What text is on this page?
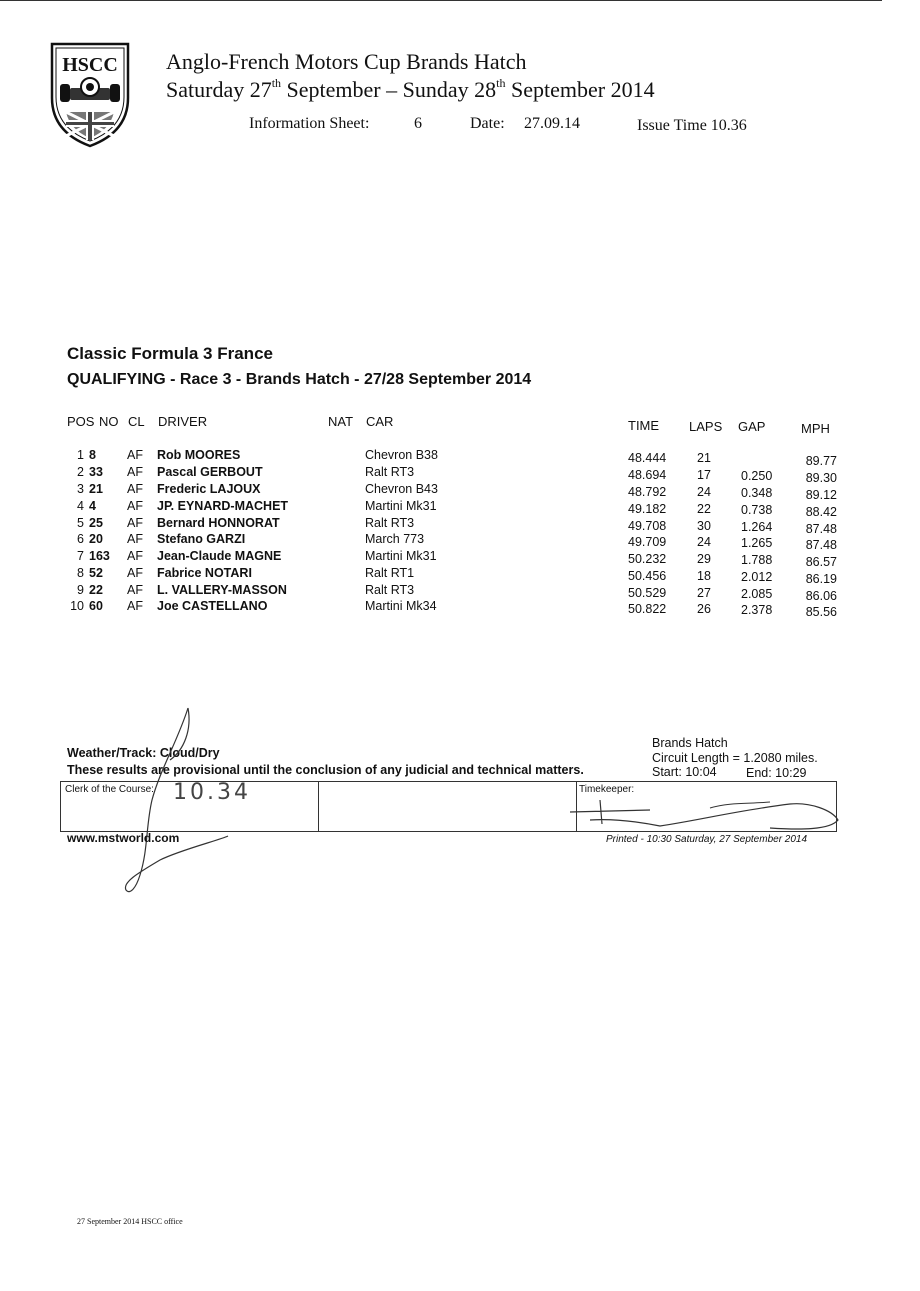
HSCC Anglo-French Motors Cup Brands Hatch
Saturday 27th September – Sunday 28th September 2014
Information Sheet:	6	Date: 27.09.14	Issue Time 10.36
Classic Formula 3 France
QUALIFYING - Race 3 - Brands Hatch - 27/28 September 2014
POS NO CL DRIVER	NAT CAR	TIME LAPS GAP	MPH
1 8	AF Rob MOORES	Chevron B38	48.444 21	89.77
2 33	AF Pascal GERBOUT	Ralt RT3	48.694 17 0.250	89.30
3 21	AF Frederic LAJOUX	Chevron B43	48.792 24 0.348	89.12
4 4	AF JP. EYNARD-MACHET	Martini Mk31	49.182 22 0.738	88.42
5 25	AF Bernard HONNORAT	Ralt RT3	49.708 30 1.264	87.48
6 20	AF Stefano GARZI	March 773	49.709 24 1.265	87.48
7 163	AF Jean-Claude MAGNE	Martini Mk31	50.232 29 1.788	86.57
8 52	AF Fabrice NOTARI	Ralt RT1	50.456 18 2.012	86.19
9 22	AF L. VALLERY-MASSON	Ralt RT3	50.529 27 2.085	86.06
10 60	AF Joe CASTELLANO	Martini Mk34	50.822 26 2.378	85.56
Weather/Track: Cloud/Dry
These results are provisional until the conclusion of any judicial and technical matters.
Brands Hatch
Circuit Length = 1.2080 miles.
Start: 10:04 End: 10:29
Clerk of the Course: 10.34	Timekeeper:
www.mstworld.com	Printed - 10:30 Saturday, 27 September 2014
27 September 2014 HSCC office
